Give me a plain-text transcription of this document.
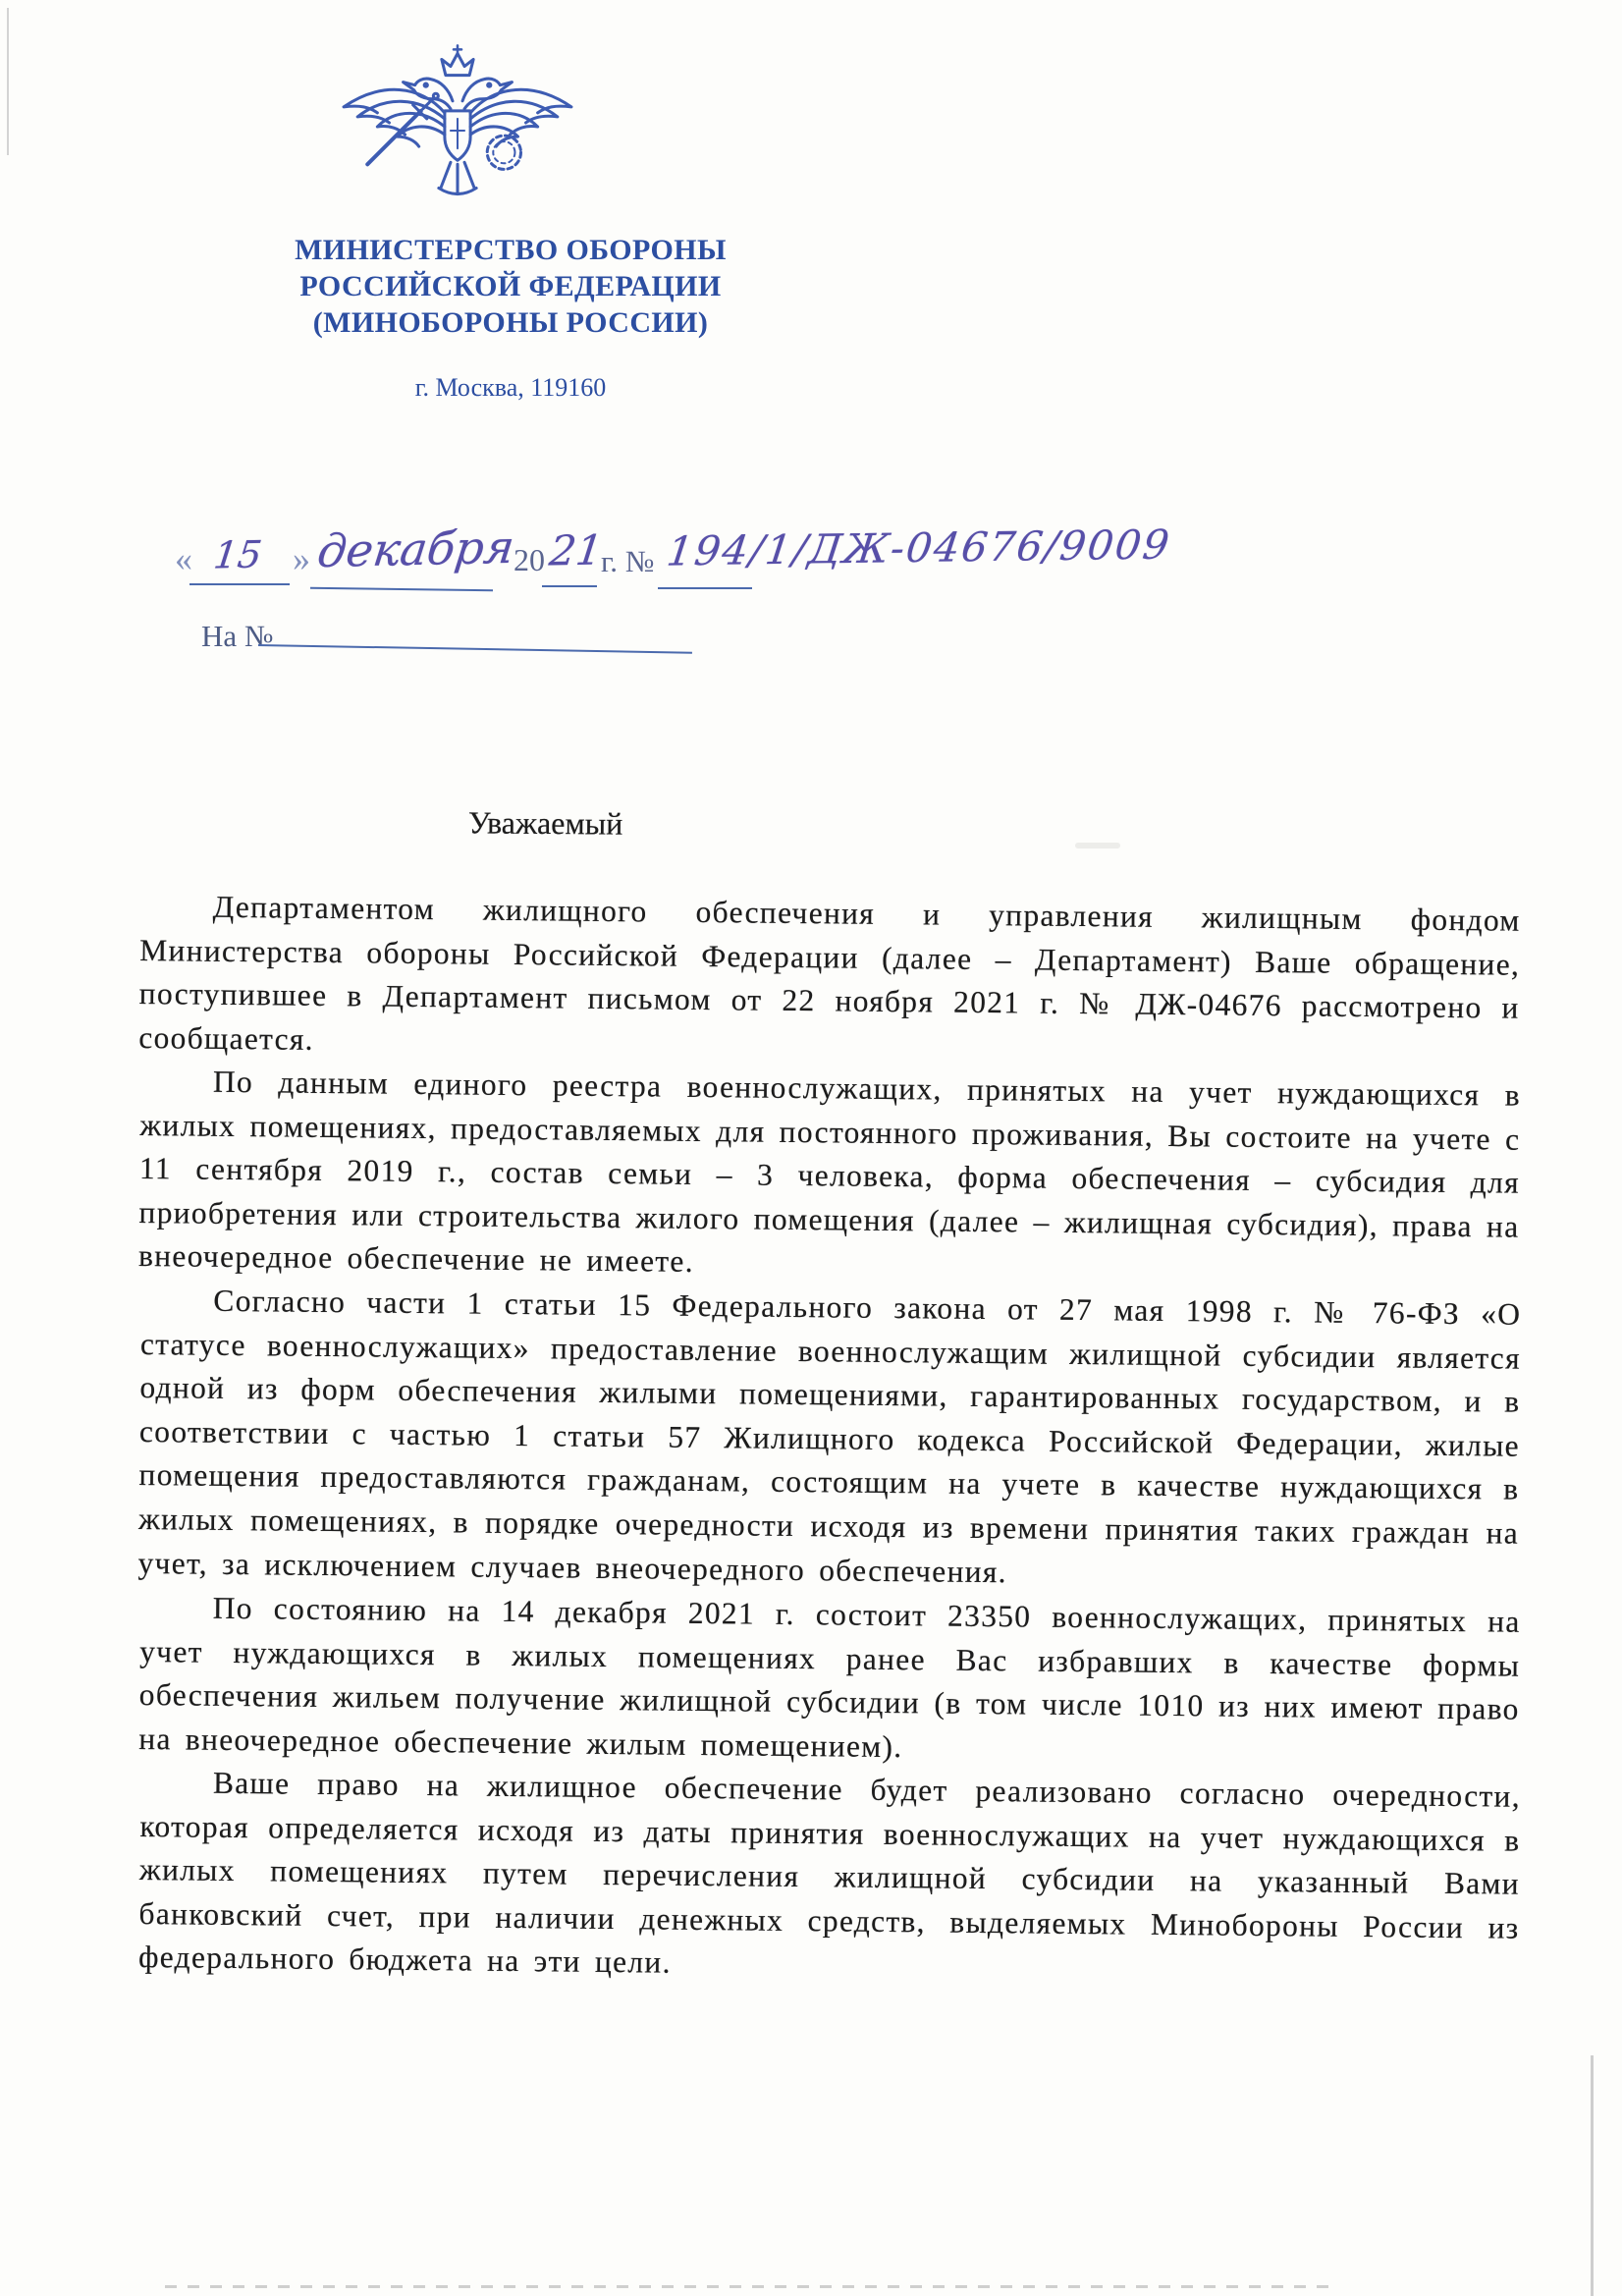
МИНИСТЕРСТВО ОБОРОНЫ
РОССИЙСКОЙ ФЕДЕРАЦИИ
(МИНОБОРОНЫ РОССИИ)
г. Москва, 119160
« 15 » декабря
20 21
г. № 194/1/ДЖ-04676/9009
На №
Уважаемый

Департаментом жилищного обеспечения и управления жилищным фондом Министерства обороны Российской Федерации (далее – Департамент) Ваше обращение, поступившее в Департамент письмом от 22 ноября 2021 г. № ДЖ-04676 рассмотрено и сообщается.

По данным единого реестра военнослужащих, принятых на учет нуждающихся в жилых помещениях, предоставляемых для постоянного проживания, Вы состоите на учете с 11 сентября 2019 г., состав семьи – 3 человека, форма обеспечения – субсидия для приобретения или строительства жилого помещения (далее – жилищная субсидия), права на внеочередное обеспечение не имеете.

Согласно части 1 статьи 15 Федерального закона от 27 мая 1998 г. № 76-ФЗ «О статусе военнослужащих» предоставление военнослужащим жилищной субсидии является одной из форм обеспечения жилыми помещениями, гарантированных государством, и в соответствии с частью 1 статьи 57 Жилищного кодекса Российской Федерации, жилые помещения предоставляются гражданам, состоящим на учете в качестве нуждающихся в жилых помещениях, в порядке очередности исходя из времени принятия таких граждан на учет, за исключением случаев внеочередного обеспечения.

По состоянию на 14 декабря 2021 г. состоит 23350 военнослужащих, принятых на учет нуждающихся в жилых помещениях ранее Вас избравших в качестве формы обеспечения жильем получение жилищной субсидии (в том числе 1010 из них имеют право на внеочередное обеспечение жилым помещением).

Ваше право на жилищное обеспечение будет реализовано согласно очередности, которая определяется исходя из даты принятия военнослужащих на учет нуждающихся в жилых помещениях путем перечисления жилищной субсидии на указанный Вами банковский счет, при наличии денежных средств, выделяемых Минобороны России из федерального бюджета на эти цели.
